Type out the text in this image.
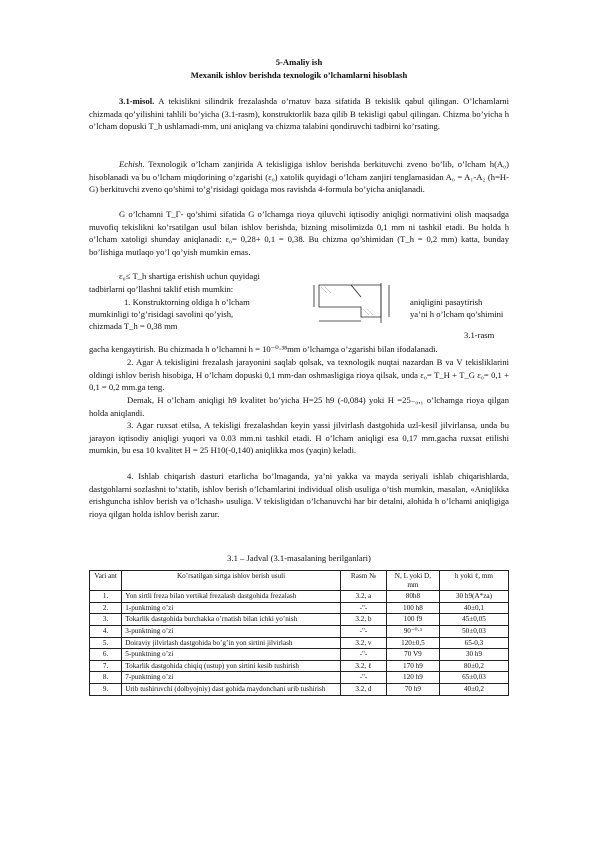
5-Amaliy ish
Mexanik ishlov berishda texnologik o’lchamlarni hisoblash
3.1-misol. A tekislikni silindrik frezalashda o’rnatuv baza sifatida B tekislik qabul qilingan. O’lchamlarni chizmada qo’yilishini tahlili bo’yicha (3.1-rasm), konstruktorlik baza qilib B tekisligi qabul qilingan. Chizma bo’yicha h o’lcham dopuski T_h ushlamadi-mm, uni aniqlang va chizma talabini qondiruvchi tadbirni ko’rsating.
Echish. Texnologik o’lcham zanjirida A tekisligiga ishlov berishda berkituvchi zveno bo’lib, o’lcham h(A₀) hisoblanadi va bu o’lcham miqdorining o’zgarishi (ε₀) xatolik quyidagi o’lcham zanjiri tenglamasidan A₀ = A₁-A₂ (h=H-G) berkituvchi zveno qo’shimi to’g’risidagi qoidaga mos ravishda 4-formula bo’yicha aniqlanadi.
G o’lchamni T_Г- qo’shimi sifatida G o’lchamga rioya qiluvchi iqtisodiy aniqligi normativini olish maqsadga muvofiq tekislikni ko’rsatilgan usul bilan ishlov berishda, bizning misolimizda 0,1 mm ni tashkil etadi. Bu holda h o’lcham xatoligi shunday aniqlanadi: ε₀= 0,28+ 0,1 = 0,38. Bu chizma qo’shimidan (T_h = 0,2 mm) katta, bunday bo’lishiga mutlaqo yo’l qo’yish mumkin emas.
ε₀≤ T_h shartiga erishish uchun quyidagi
tadbirlarni qo’llashni taklif etish mumkin:
1. Konstruktorning oldiga h o’lcham
mumkinligi to’g’risidagi savolini qo’yish,
chizmada T_h = 0,38 mm
aniqligini pasaytirish
ya’ni h o’lcham qo’shimini
3.1-rasm
gacha kengaytirish. Bu chizmada h o’lchamni h = 10⁻⁰·³⁸mm o’lchamga o’zgarishi bilan ifodalanadi.
2. Agar A tekisligini frezalash jarayonini saqlab qolsak, va texnologik nuqtai nazardan B va V tekisliklarini oldingi ishlov berish hisobiga, H o’lcham dopuski 0,1 mm-dan oshmasligiga rioya qilsak, unda ε₀= T_H + T_G ε₀= 0,1 + 0,1 = 0,2 mm.ga teng.
Demak, H o’lcham aniqligi h9 kvalitet bo’yicha H=25 h9 (-0,084) yoki H =25₋₀,₁ o’lchamga rioya qilgan holda aniqlandi.
3. Agar ruxsat etilsa, A tekisligi frezalashdan keyin yassi jilvirlash dastgohida uzl-kesil jilvirlansa, unda bu jarayon iqtisodiy aniqligi yuqori va 0.03 mm.ni tashkil etadi. H o’lcham aniqligi esa 0,17 mm.gacha ruxsat etilishi mumkin, bu esa 10 kvalitet H = 25 H10(-0,140) aniqlikka mos (yaqin) keladi.
4. Ishlab chiqarish dasturi etarlicha bo’lmaganda, ya’ni yakka va mayda seriyali ishlab chiqarishlarda, dastgohlarni sozlashni to’xtatib, ishlov berish o’lchamlarini individual olish usuliga o’tish mumkin, masalan, «Aniqlikka erishguncha ishlov berish va o’lchash» usuliga. V tekisligidan o’lchanuvchi har bir detalni, alohida h o’lchami aniqligiga rioya qilgan holda ishlov berish zarur.
3.1 – Jadval (3.1-masalaning berilganlari)
Vari ant	Ko’rsatilgan sirtga ishlov berish usuli	Rasm №	N, L yoki D, mm	h yoki ℓ, mm
1.	Yon sirtli freza bilan vertikal frezalash dastgohida frezalash	3.2, a	80h8	30 h9(A*za)
2.	1-punktning o’zi	-"-	100 h8	40±0,1
3.	Tokarlik dastgohida burchakka o’rnatish bilan ichki yo’nish	3.2, b	100 f9	45±0,05
4.	3-punktning o’zi	-"-	90⁻⁰·¹	50±0,03
5.	Doiraviy jilvirlash dastgohida bo’g’in yon sirtini jilvirlash	3.2, v	120±0,5	65-0,3
6.	5-punktning o’zi	-"-	70 V9	30 h9
7.	Tokarlik dastgohida chiqiq (ustup) yon sirtini kesib tushirish	3.2, ℓ	170 h9	80±0,2
8.	7-punktning o’zi	-"-	120 h9	65±0,03
9.	Urib tushiruvchi (dolbyojniy) dast gohida maydonchani urib tushirish	3.2, d	70 h9	40±0,2
